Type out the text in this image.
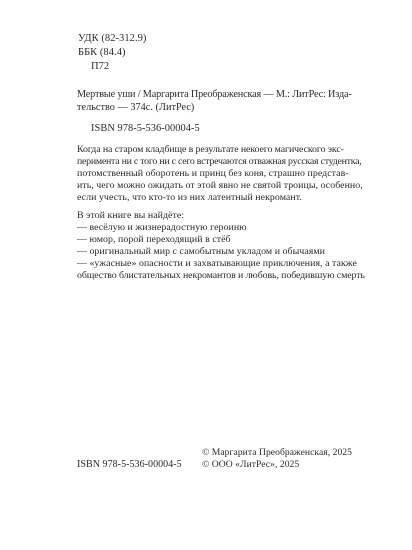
УДК (82-312.9)
ББК (84.4)
П72
Мертвые уши / Маргарита Преображенская — М.: ЛитРес: Изда-
тельство — 374с. (ЛитРес)
ISBN 978-5-536-00004-5
Когда на старом кладбище в результате некоего магического экс-
перимента ни с того ни с сего встречаются отважная русская студентка,
потомственный оборотень и принц без коня, страшно представ-
ить, чего можно ожидать от этой явно не святой троицы, особенно,
если учесть, что кто-то из них латентный некромант.
В этой книге вы найдёте:
— весёлую и жизнерадостную героиню
— юмор, порой переходящий в стёб
— оригинальный мир с самобытным укладом и обычаями
— «ужасные» опасности и захватывающие приключения, а также
общество блистательных некромантов и любовь, победившую смерть
ISBN 978-5-536-00004-5
© Маргарита Преображенская, 2025
© ООО «ЛитРес», 2025
